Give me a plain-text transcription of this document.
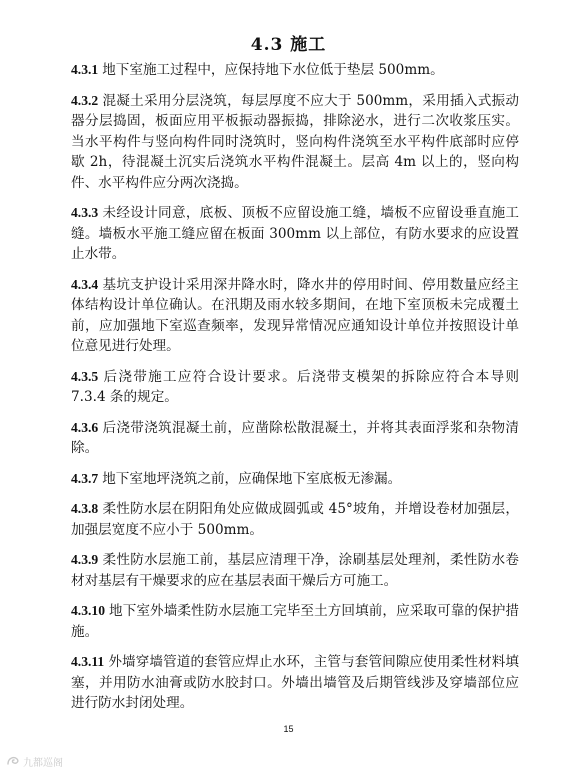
4.3 施工

4.3.1 地下室施工过程中，应保持地下水位低于垫层 500mm。

4.3.2 混凝土采用分层浇筑，每层厚度不应大于 500mm，采用插入式振动器分层捣固，板面应用平板振动器振捣，排除泌水，进行二次收浆压实。当水平构件与竖向构件同时浇筑时，竖向构件浇筑至水平构件底部时应停歇 2h，待混凝土沉实后浇筑水平构件混凝土。层高 4m 以上的，竖向构件、水平构件应分两次浇捣。

4.3.3 未经设计同意，底板、顶板不应留设施工缝，墙板不应留设垂直施工缝。墙板水平施工缝应留在板面 300mm 以上部位，有防水要求的应设置止水带。

4.3.4 基坑支护设计采用深井降水时，降水井的停用时间、停用数量应经主体结构设计单位确认。在汛期及雨水较多期间，在地下室顶板未完成覆土前，应加强地下室巡查频率，发现异常情况应通知设计单位并按照设计单位意见进行处理。

4.3.5 后浇带施工应符合设计要求。后浇带支模架的拆除应符合本导则 7.3.4 条的规定。

4.3.6 后浇带浇筑混凝土前，应凿除松散混凝土，并将其表面浮浆和杂物清除。

4.3.7 地下室地坪浇筑之前，应确保地下室底板无渗漏。

4.3.8 柔性防水层在阴阳角处应做成圆弧或 45°坡角，并增设卷材加强层，加强层宽度不应小于 500mm。

4.3.9 柔性防水层施工前，基层应清理干净，涂刷基层处理剂，柔性防水卷材对基层有干燥要求的应在基层表面干燥后方可施工。

4.3.10 地下室外墙柔性防水层施工完毕至土方回填前，应采取可靠的保护措施。

4.3.11 外墙穿墙管道的套管应焊止水环，主管与套管间隙应使用柔性材料填塞，并用防水油膏或防水胶封口。外墙出墙管及后期管线涉及穿墙部位应进行防水封闭处理。

15
九都巡阁
